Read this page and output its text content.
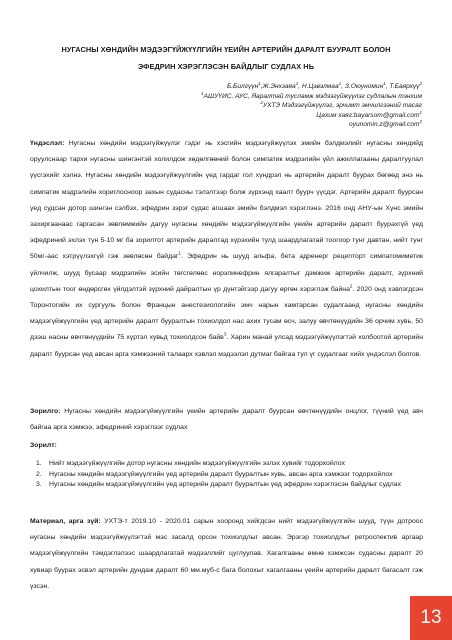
НУГАСНЫ ХӨНДИЙН МЭДЭЭГҮЙЖҮҮЛГИЙН ҮЕИЙН АРТЕРИЙН ДАРАЛТ БУУРАЛТ БОЛОН
ЭФЕДРИН ХЭРЭГЛЭСЭН БАЙДЛЫГ СУДЛАХ НЬ
Б.Билгүүн$^1$,Ж.Энхзаяа$^1$, Н.Цэвэлмаа$^1$, З.Оюуномин$^1$, Т.Баярхүү$^2$
$^1$АШУҮИС, АУС, Яаралтай тусламж мэдээгүйжүүлэг судлалын тэнхим
$^2$УХТЭ Мэдээгүйжүүлэг, эрчимт эмчилгээний тасаг
Цахим хаяг:bayarsom@gmail.com$^1$
oyunomin.z@gmail.com$^2$

Үндэслэл: Нугасны хөндийн мэдээгүйжүүлэг гэдэг нь хэсгийн мэдээгүйжүүлэх эмийн бэлдмэлийг нугасны хөндийд оруулснаар тархи нугасны шингэнтэй холилдож хөдөлгөөний болон симпатик мэдрэлийн үйл ажиллагааны даралтуулал үүсгэхийг хэлнэ. Нугасны хөндийн мэдээгүйжүүлгийн үед гардаг гол хүндрэл нь артерийн даралт буурах бөгөөд энэ нь симпатик мэдрэлийн хориглосноор захын судасны тэлэлтээр болж зүрхэнд хаалт буурч үүсдэг. Артерийн даралт буурсан үед судсан дотор шингэн сэлбэх, эфедрин зэрэг судас агшаах эмийн бэлдмэл хэрэглэнэ. 2016 онд АНУ-ын Хүнс эмийн захиргаанаас гаргасан зөвлөмжийн дагуу нугасны хөндийн мэдээгүйжүүлгийн үеийн артерийн даралт буурахгүй үед эфедриний эхлэх тун 5-10 мг ба зорилтот артерийн даралтад хүрэхийн тулд шаардлагатай тоогоор тунг давтан, нийт тунг 50мг-аас хэтрүүлэхгүй гэж зөвлөсөн байдаг$^1$. Эфедрин нь шууд альфа, бета адренерг рецепторт симпатомиметик үйлчилж, шууд бусаар мэдрэлийн эсийн төгсгөлөөс норэпинефрин ялгаралтыг дэмжиж артерийн даралт, зүрхний цохилтын тоог өндөрсгөх үйлдэлтэй зүрхний дайралтын үр дүнтэйгээр дагуу өргөн хэрэглэж байна$^2$. 2020 онд хэвлэгдсэн Торонтогийн их сургууль болон Францын анестезиологийн эмч нарын хамтарсан судалгаанд нугасны хөндийн мэдээгүйжүүлгийн үед артерийн даралт бууралтын тохиолдол нас ахих тусам өсч, залуу өвчтөнүүдийн 36 орчим хувь, 50 дээш насны өвчтөнүүдийн 75 хүртэл хувьд тохиолдсон байв$^3$. Харин манай улсад мэдээгүйжүүлэгтэй холбоотой артерийн даралт буурсан үед авсан арга хэмжээний талаарх хэвлэл мэдээлэл дутмаг байгаа тул үг судалгааг хийх үндэслэл болгов.

Зорилго: Нугасны хөндийн мэдээгүйжүүлгийн үеийн артерийн даралт буурсан өвчтөнүүдийн онцлог, түүний үед авч байгаа арга хэмжээ, эфедриний хэрэглээг судлах

Зорилт:

1. Нийт мэдээгүйжүүлгийн дотор нугасны хөндийн мэдээгүйжүүлгийн эзлэх хувийг тодорхойлох
2. Нугасны хөндийн мэдээгүйжүүлгийн үед артерийн даралт бууралтын хувь, авсан арга хэмжээг тодорхойлох
3. Нугасны хөндийн мэдээгүйжүүлгийн үед артерийн даралт бууралтын үед эфедрин хэрэглэсэн байдлыг судлах

Материал, арга зүй: УХТЭ-т 2019.10 - 2020.01 сарын хооронд хийгдсэн нийт мэдээгүйжүүлгийн шууд, түүн дотроос нугасны хөндийн мэдээгүйжүүлэгтэй мэс засалд орсон тохиолдлыг авсан. Эрэгэр тохиолдлыг ретроспектив аргаар мэдээгүйжүүлгийн тэмдэглэлээс шаардлагатай мэдээллийг цуглуулав. Хагалгааны өмнө хэмжсэн судасны даралт 20 хувиар буурах эсвэл артерийн дундаж даралт 60 мм.муб-с бага болохыг хагалгааны үеийн артерийн даралт багасалт гэж үзсэн.

13
